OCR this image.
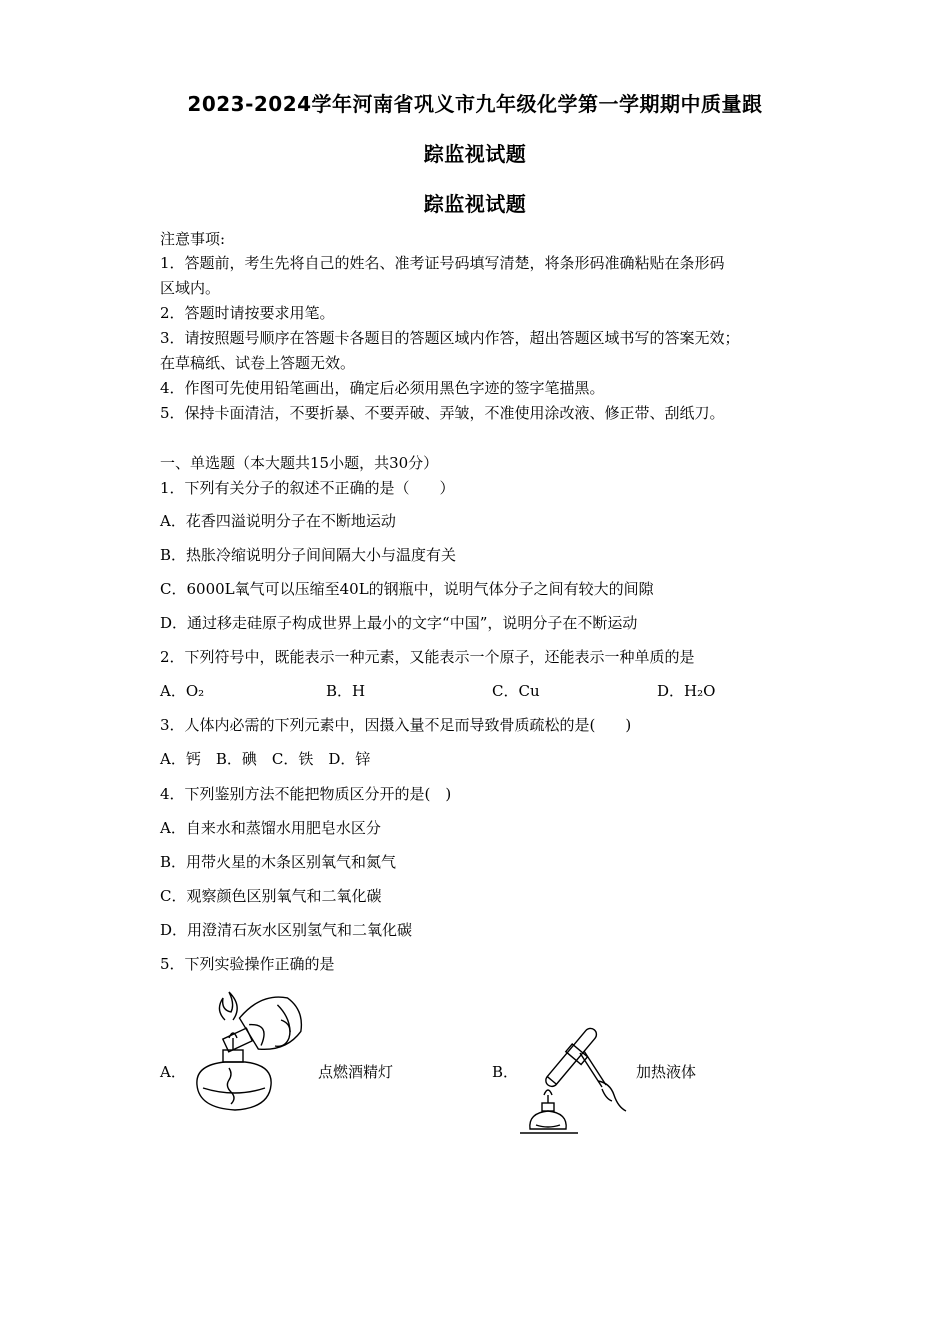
2023-2024学年河南省巩义市九年级化学第一学期期中质量跟
踪监视试题
踪监视试题
注意事项:
1．答题前，考生先将自己的姓名、准考证号码填写清楚，将条形码准确粘贴在条形码
区域内。
2．答题时请按要求用笔。
3．请按照题号顺序在答题卡各题目的答题区域内作答，超出答题区域书写的答案无效；
在草稿纸、试卷上答题无效。
4．作图可先使用铅笔画出，确定后必须用黑色字迹的签字笔描黑。
5．保持卡面清洁，不要折暴、不要弄破、弄皱，不准使用涂改液、修正带、刮纸刀。
一、单选题（本大题共15小题，共30分）
1．下列有关分子的叙述不正确的是（　　）
A．花香四溢说明分子在不断地运动
B．热胀冷缩说明分子间间隔大小与温度有关
C．6000L氧气可以压缩至40L的钢瓶中，说明气体分子之间有较大的间隙
D．通过移走硅原子构成世界上最小的文字“中国”，说明分子在不断运动
2．下列符号中，既能表示一种元素，又能表示一个原子，还能表示一种单质的是
A．O₂	B．H	C．Cu	D．H₂O
3．人体内必需的下列元素中，因摄入量不足而导致骨质疏松的是(　　)
A．钙　B．碘　C．铁　D．锌
4．下列鉴别方法不能把物质区分开的是(　)
A．自来水和蒸馏水用肥皂水区分
B．用带火星的木条区别氧气和氮气
C．观察颜色区别氧气和二氧化碳
D．用澄清石灰水区别氢气和二氧化碳
5．下列实验操作正确的是
A．	点燃酒精灯	B．	加热液体
